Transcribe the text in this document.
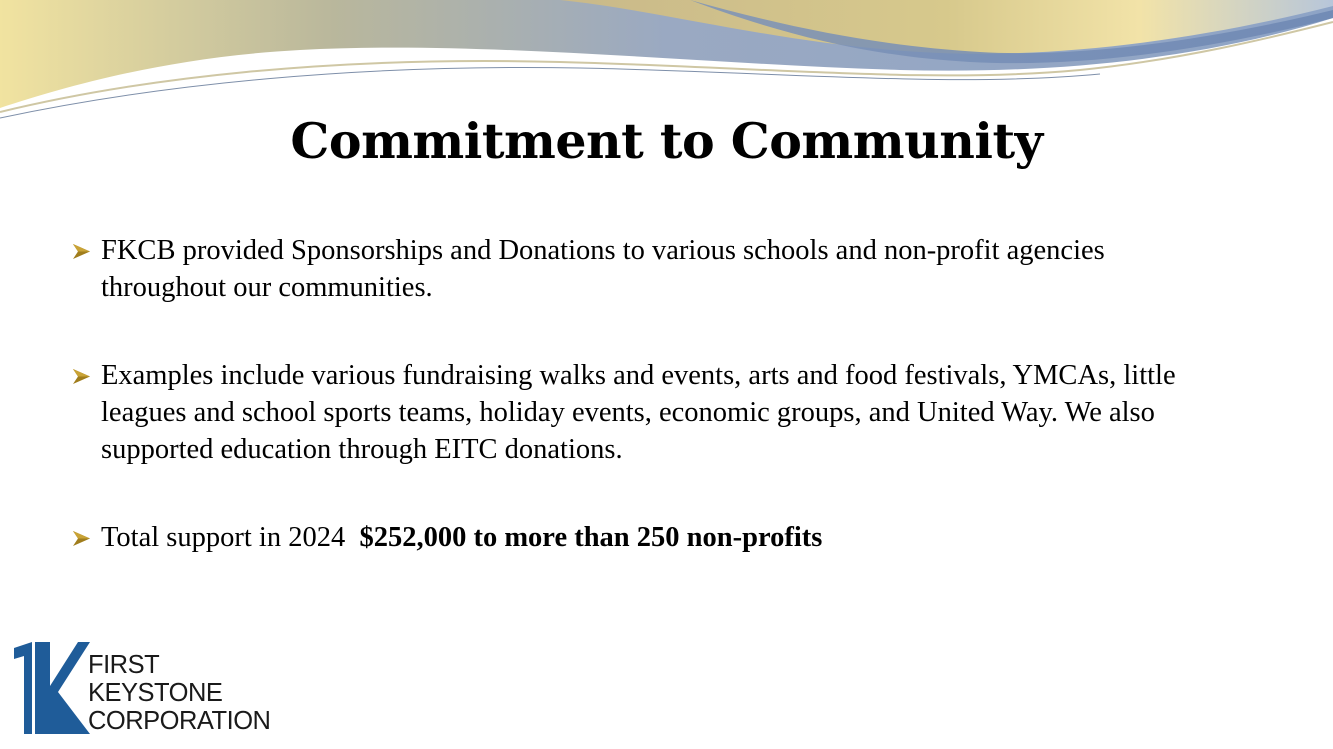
Commitment to Community
FKCB provided Sponsorships and Donations to various schools and non-profit agencies throughout our communities.
Examples include various fundraising walks and events, arts and food festivals, YMCAs, little leagues and school sports teams, holiday events, economic groups, and United Way. We also supported education through EITC donations.
Total support in 2024 $252,000 to more than 250 non-profits
FIRST
KEYSTONE
CORPORATION
